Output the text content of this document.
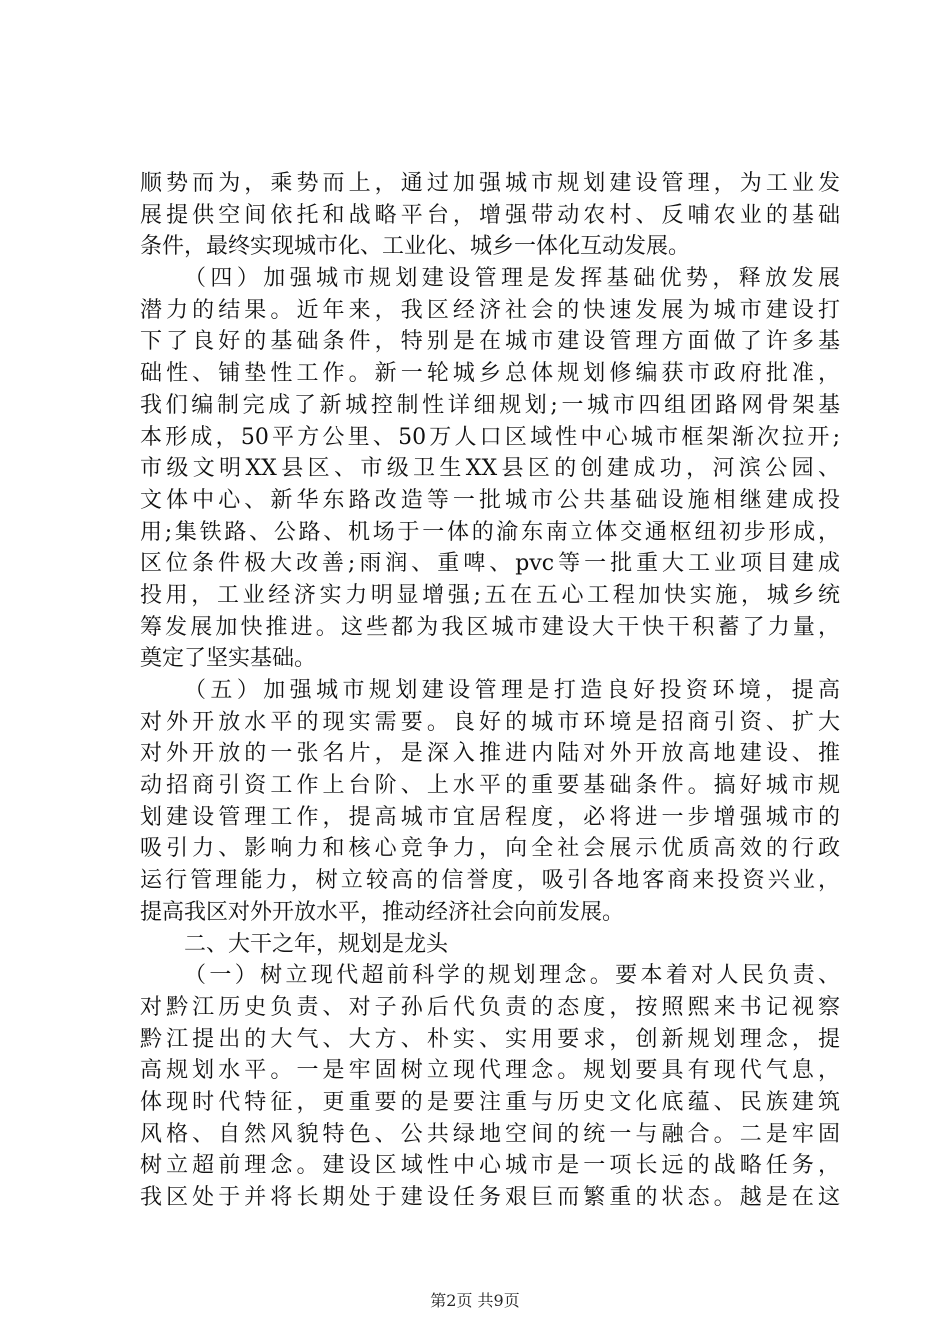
顺势而为，乘势而上，通过加强城市规划建设管理，为工业发
展提供空间依托和战略平台，增强带动农村、反哺农业的基础
条件，最终实现城市化、工业化、城乡一体化互动发展。
（四）加强城市规划建设管理是发挥基础优势，释放发展
潜力的结果。近年来，我区经济社会的快速发展为城市建设打
下了良好的基础条件，特别是在城市建设管理方面做了许多基
础性、铺垫性工作。新一轮城乡总体规划修编获市政府批准，
我们编制完成了新城控制性详细规划;一城市四组团路网骨架基
本形成，50平方公里、50万人口区域性中心城市框架渐次拉开;
市级文明XX县区、市级卫生XX县区的创建成功，河滨公园、
文体中心、新华东路改造等一批城市公共基础设施相继建成投
用;集铁路、公路、机场于一体的渝东南立体交通枢纽初步形成，
区位条件极大改善;雨润、重啤、pvc等一批重大工业项目建成
投用，工业经济实力明显增强;五在五心工程加快实施，城乡统
筹发展加快推进。这些都为我区城市建设大干快干积蓄了力量，
奠定了坚实基础。
（五）加强城市规划建设管理是打造良好投资环境，提高
对外开放水平的现实需要。良好的城市环境是招商引资、扩大
对外开放的一张名片，是深入推进内陆对外开放高地建设、推
动招商引资工作上台阶、上水平的重要基础条件。搞好城市规
划建设管理工作，提高城市宜居程度，必将进一步增强城市的
吸引力、影响力和核心竞争力，向全社会展示优质高效的行政
运行管理能力，树立较高的信誉度，吸引各地客商来投资兴业，
提高我区对外开放水平，推动经济社会向前发展。
二、大干之年，规划是龙头
（一）树立现代超前科学的规划理念。要本着对人民负责、
对黔江历史负责、对子孙后代负责的态度，按照熙来书记视察
黔江提出的大气、大方、朴实、实用要求，创新规划理念，提
高规划水平。一是牢固树立现代理念。规划要具有现代气息，
体现时代特征，更重要的是要注重与历史文化底蕴、民族建筑
风格、自然风貌特色、公共绿地空间的统一与融合。二是牢固
树立超前理念。建设区域性中心城市是一项长远的战略任务，
我区处于并将长期处于建设任务艰巨而繁重的状态。越是在这
第2页 共9页
